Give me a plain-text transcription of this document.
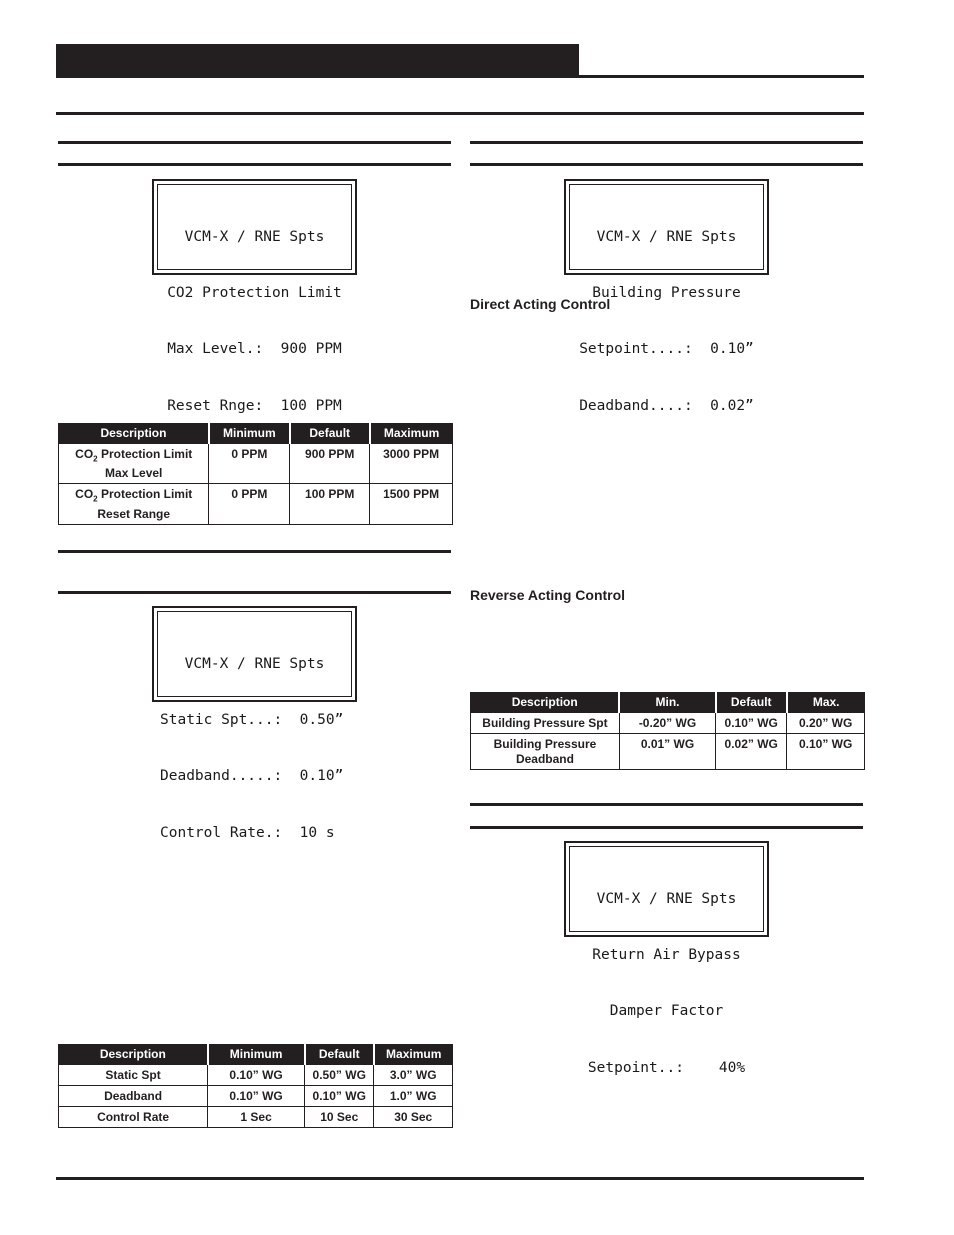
VCM-X / RNE Spts

CO2 Protection Limit

Max Level.:  900 PPM

Reset Rnge:  100 PPM

Description	Minimum	Default	Maximum
$CO_2$ Protection Limit
Max Level	0 PPM	900 PPM	3000 PPM
$CO_2$ Protection Limit
Reset Range	0 PPM	100 PPM	1500 PPM

VCM-X / RNE Spts

Static Spt...:  0.50”

Deadband.....:  0.10”

Control Rate.:  10 s

Description	Minimum	Default	Maximum
Static Spt	0.10” WG	0.50” WG	3.0” WG
Deadband	0.10” WG	0.10” WG	1.0” WG
Control Rate	1 Sec	10 Sec	30 Sec

VCM-X / RNE Spts

Building Pressure

Setpoint....:  0.10”

Deadband....:  0.02”

Direct Acting Control
Reverse Acting Control
Description	Min.	Default	Max.
Building Pressure Spt	-0.20” WG	0.10” WG	0.20” WG
Building Pressure
Deadband	0.01” WG	0.02” WG	0.10” WG

VCM-X / RNE Spts

Return Air Bypass

Damper Factor

Setpoint..:    40%
